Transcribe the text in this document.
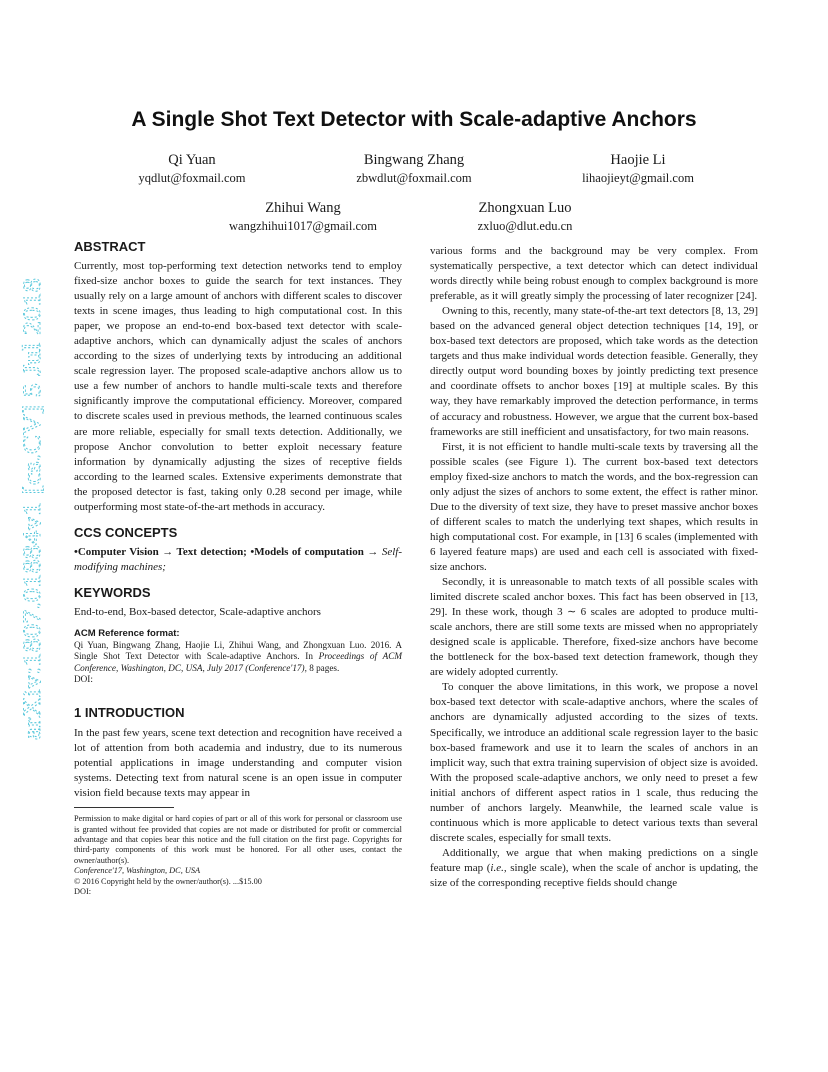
arXiv:1807.01884v1 [cs.CV] 5 Jul 2018
A Single Shot Text Detector with Scale-adaptive Anchors
Qi Yuan
yqdlut@foxmail.com
Bingwang Zhang
zbwdlut@foxmail.com
Haojie Li
lihaojieyt@gmail.com
Zhihui Wang
wangzhihui1017@gmail.com
Zhongxuan Luo
zxluo@dlut.edu.cn
ABSTRACT

Currently, most top-performing text detection networks tend to employ fixed-size anchor boxes to guide the search for text instances. They usually rely on a large amount of anchors with different scales to discover texts in scene images, thus leading to high computational cost. In this paper, we propose an end-to-end box-based text detector with scale-adaptive anchors, which can dynamically adjust the scales of anchors according to the sizes of underlying texts by introducing an additional scale regression layer. The proposed scale-adaptive anchors allow us to use a few number of anchors to handle multi-scale texts and therefore significantly improve the computational efficiency. Moreover, compared to discrete scales used in previous methods, the learned continuous scales are more reliable, especially for small texts detection. Additionally, we propose Anchor convolution to better exploit necessary feature information by dynamically adjusting the sizes of receptive fields according to the learned scales. Extensive experiments demonstrate that the proposed detector is fast, taking only 0.28 second per image, while outperforming most state-of-the-art methods in accuracy.

CCS CONCEPTS

•Computer Vision → Text detection; •Models of computation → Self-modifying machines;

KEYWORDS

End-to-end, Box-based detector, Scale-adaptive anchors

ACM Reference format:
Qi Yuan, Bingwang Zhang, Haojie Li, Zhihui Wang, and Zhongxuan Luo. 2016. A Single Shot Text Detector with Scale-adaptive Anchors. In Proceedings of ACM Conference, Washington, DC, USA, July 2017 (Conference'17), 8 pages.
DOI:
1 INTRODUCTION

In the past few years, scene text detection and recognition have received a lot of attention from both academia and industry, due to its numerous potential applications in image understanding and computer vision systems. Detecting text from natural scene is an open issue in computer vision field because texts may appear in

Permission to make digital or hard copies of part or all of this work for personal or classroom use is granted without fee provided that copies are not made or distributed for profit or commercial advantage and that copies bear this notice and the full citation on the first page. Copyrights for third-party components of this work must be honored. For all other uses, contact the owner/author(s).
Conference'17, Washington, DC, USA
© 2016 Copyright held by the owner/author(s). ...$15.00
DOI:

various forms and the background may be very complex. From systematically perspective, a text detector which can detect individual words directly while being robust enough to complex background is more preferable, as it will greatly simply the processing of later recognizer [24].

Owning to this, recently, many state-of-the-art text detectors [8, 13, 29] based on the advanced general object detection techniques [14, 19], or box-based text detectors are proposed, which take words as the detection targets and thus make individual words detection feasible. Generally, they directly output word bounding boxes by jointly predicting text presence and coordinate offsets to anchor boxes [19] at multiple scales. By this way, they have remarkably improved the detection performance, in terms of accuracy and robustness. However, we argue that the current box-based frameworks are still inefficient and unsatisfactory, for two main reasons.

First, it is not efficient to handle multi-scale texts by traversing all the possible scales (see Figure 1). The current box-based text detectors employ fixed-size anchors to match the words, and the box-regression can only adjust the sizes of anchors to some extent, the effect is rather minor. Due to the diversity of text size, they have to preset massive anchor boxes of different scales to match the underlying text shapes, which results in high computational cost. For example, in [13] 6 scales (implemented with 6 layered feature maps) are used and each cell is associated with fixed-size anchors.

Secondly, it is unreasonable to match texts of all possible scales with limited discrete scaled anchor boxes. This fact has been observed in [13, 29]. In these work, though 3 ∼ 6 scales are adopted to produce multi-scale anchors, there are still some texts are missed when no appropriately designed scale is applicable. Therefore, fixed-size anchors have become the bottleneck for the box-based text detection framework, though they are widely adopted currently.

To conquer the above limitations, in this work, we propose a novel box-based text detector with scale-adaptive anchors, where the scales of anchors are dynamically adjusted according to the sizes of texts. Specifically, we introduce an additional scale regression layer to the basic box-based framework and use it to learn the scales of anchors in an implicit way, such that extra training supervision of object size is avoided. With the proposed scale-adaptive anchors, we only need to preset a few initial anchors of different aspect ratios in 1 scale, thus reducing the number of anchors largely. Meanwhile, the learned scale value is continuous which is more applicable to detect various texts than several discrete scales, especially for small texts.

Additionally, we argue that when making predictions on a single feature map (i.e., single scale), when the scale of anchor is updating, the size of the corresponding receptive fields should change
